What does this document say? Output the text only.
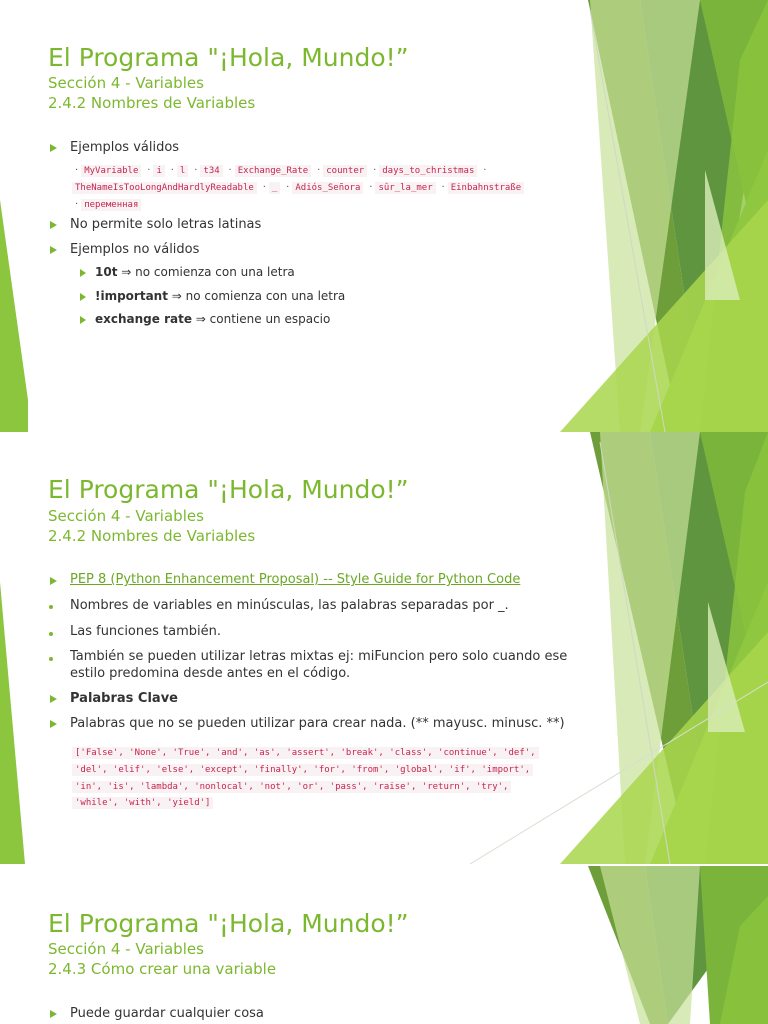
El Programa "¡Hola, Mundo!”
Sección 4 - Variables
2.4.2 Nombres de Variables
Ejemplos válidos
· MyVariable · i · l · t34 · Exchange_Rate · counter · days_to_christmas ·
TheNameIsTooLongAndHardlyReadable · _ · Adiós_Señora · sûr_la_mer · Einbahnstraße
· переменная
No permite solo letras latinas
Ejemplos no válidos
10t ⇒ no comienza con una letra
!important ⇒ no comienza con una letra
exchange rate ⇒ contiene un espacio
El Programa "¡Hola, Mundo!”
Sección 4 - Variables
2.4.2 Nombres de Variables
PEP 8 (Python Enhancement Proposal) -- Style Guide for Python Code
Nombres de variables en minúsculas, las palabras separadas por _.
Las funciones también.
También se pueden utilizar letras mixtas ej: miFuncion pero solo cuando ese
estilo predomina desde antes en el código.
Palabras Clave
Palabras que no se pueden utilizar para crear nada. (** mayusc. minusc. **)
['False', 'None', 'True', 'and', 'as', 'assert', 'break', 'class', 'continue', 'def',
'del', 'elif', 'else', 'except', 'finally', 'for', 'from', 'global', 'if', 'import',
'in', 'is', 'lambda', 'nonlocal', 'not', 'or', 'pass', 'raise', 'return', 'try',
'while', 'with', 'yield']
El Programa "¡Hola, Mundo!”
Sección 4 - Variables
2.4.3 Cómo crear una variable
Puede guardar cualquier cosa
